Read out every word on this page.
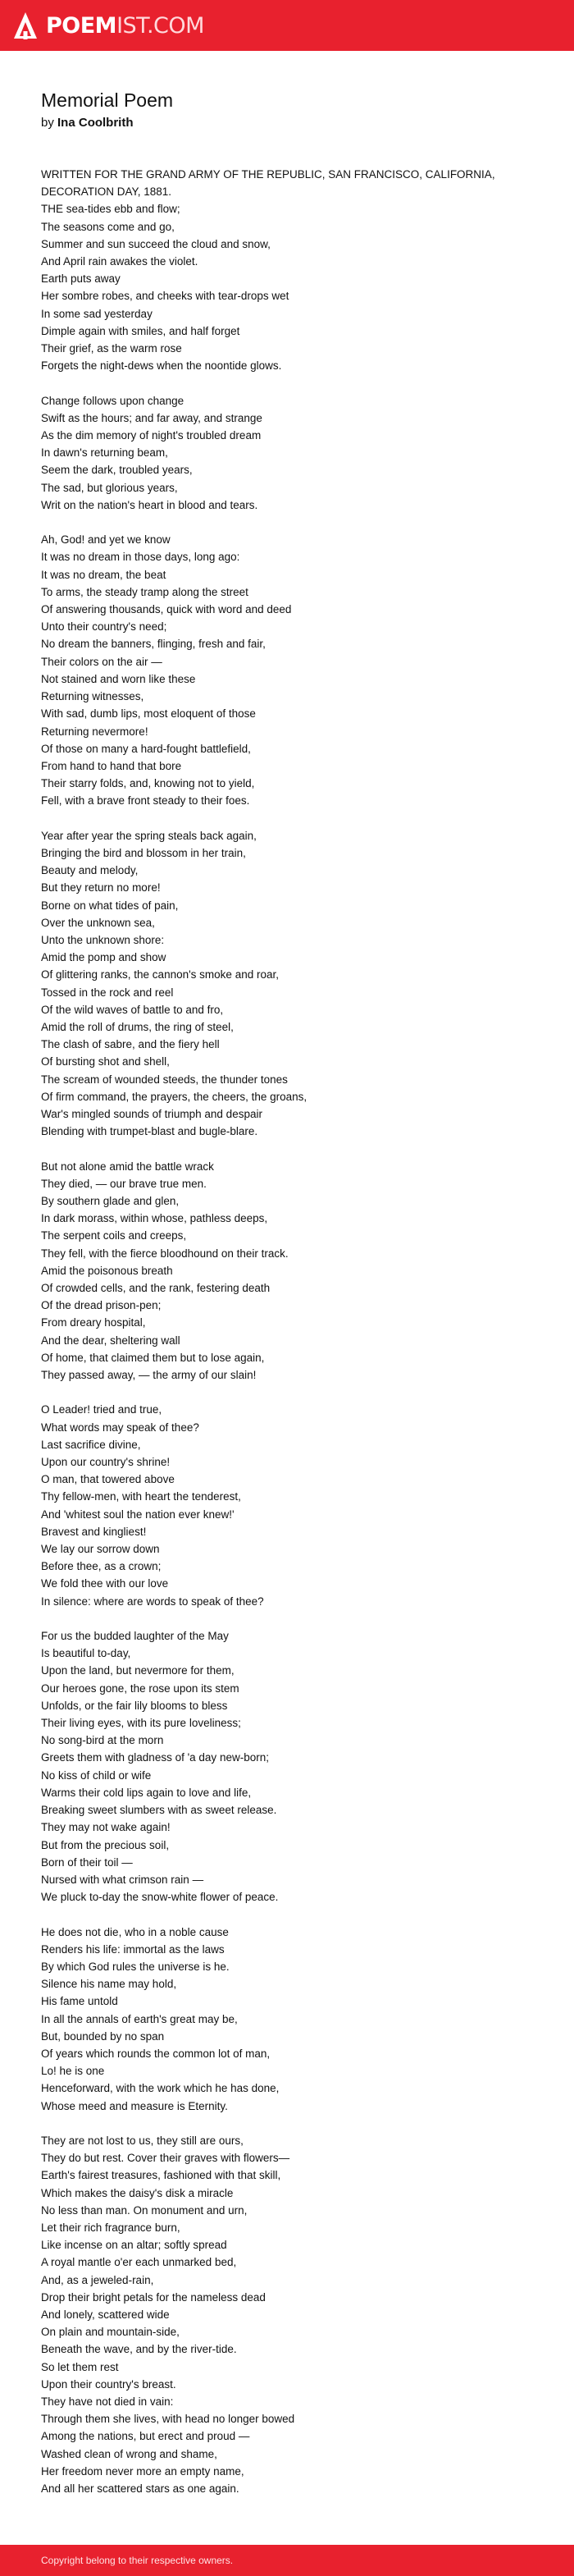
POEMIST.COM
Memorial Poem

by Ina Coolbrith

WRITTEN FOR THE GRAND ARMY OF THE REPUBLIC, SAN FRANCISCO, CALIFORNIA,
DECORATION DAY, 1881.
THE sea-tides ebb and flow;
The seasons come and go,
Summer and sun succeed the cloud and snow,
And April rain awakes the violet.
Earth puts away
Her sombre robes, and cheeks with tear-drops wet
In some sad yesterday
Dimple again with smiles, and half forget
Their grief, as the warm rose
Forgets the night-dews when the noontide glows.

Change follows upon change
Swift as the hours; and far away, and strange
As the dim memory of night's troubled dream
In dawn's returning beam,
Seem the dark, troubled years,
The sad, but glorious years,
Writ on the nation's heart in blood and tears.

Ah, God! and yet we know
It was no dream in those days, long ago:
It was no dream, the beat
To arms, the steady tramp along the street
Of answering thousands, quick with word and deed
Unto their country's need;
No dream the banners, flinging, fresh and fair,
Their colors on the air —
Not stained and worn like these
Returning witnesses,
With sad, dumb lips, most eloquent of those
Returning nevermore!
Of those on many a hard-fought battlefield,
From hand to hand that bore
Their starry folds, and, knowing not to yield,
Fell, with a brave front steady to their foes.

Year after year the spring steals back again,
Bringing the bird and blossom in her train,
Beauty and melody,
But they return no more!
Borne on what tides of pain,
Over the unknown sea,
Unto the unknown shore:
Amid the pomp and show
Of glittering ranks, the cannon's smoke and roar,
Tossed in the rock and reel
Of the wild waves of battle to and fro,
Amid the roll of drums, the ring of steel,
The clash of sabre, and the fiery hell
Of bursting shot and shell,
The scream of wounded steeds, the thunder tones
Of firm command, the prayers, the cheers, the groans,
War's mingled sounds of triumph and despair
Blending with trumpet-blast and bugle-blare.

But not alone amid the battle wrack
They died, — our brave true men.
By southern glade and glen,
In dark morass, within whose, pathless deeps,
The serpent coils and creeps,
They fell, with the fierce bloodhound on their track.
Amid the poisonous breath
Of crowded cells, and the rank, festering death
Of the dread prison-pen;
From dreary hospital,
And the dear, sheltering wall
Of home, that claimed them but to lose again,
They passed away, — the army of our slain!

O Leader! tried and true,
What words may speak of thee?
Last sacrifice divine,
Upon our country's shrine!
O man, that towered above
Thy fellow-men, with heart the tenderest,
And 'whitest soul the nation ever knew!'
Bravest and kingliest!
We lay our sorrow down
Before thee, as a crown;
We fold thee with our love
In silence: where are words to speak of thee?

For us the budded laughter of the May
Is beautiful to-day,
Upon the land, but nevermore for them,
Our heroes gone, the rose upon its stem
Unfolds, or the fair lily blooms to bless
Their living eyes, with its pure loveliness;
No song-bird at the morn
Greets them with gladness of 'a day new-born;
No kiss of child or wife
Warms their cold lips again to love and life,
Breaking sweet slumbers with as sweet release.
They may not wake again!
But from the precious soil,
Born of their toil —
Nursed with what crimson rain —
We pluck to-day the snow-white flower of peace.

He does not die, who in a noble cause
Renders his life: immortal as the laws
By which God rules the universe is he.
Silence his name may hold,
His fame untold
In all the annals of earth's great may be,
But, bounded by no span
Of years which rounds the common lot of man,
Lo! he is one
Henceforward, with the work which he has done,
Whose meed and measure is Eternity.

They are not lost to us, they still are ours,
They do but rest. Cover their graves with flowers—
Earth's fairest treasures, fashioned with that skill,
Which makes the daisy's disk a miracle
No less than man. On monument and urn,
Let their rich fragrance burn,
Like incense on an altar; softly spread
A royal mantle o'er each unmarked bed,
And, as a jeweled-rain,
Drop their bright petals for the nameless dead
And lonely, scattered wide
On plain and mountain-side,
Beneath the wave, and by the river-tide.
So let them rest
Upon their country's breast.
They have not died in vain:
Through them she lives, with head no longer bowed
Among the nations, but erect and proud —
Washed clean of wrong and shame,
Her freedom never more an empty name,
And all her scattered stars as one again.
Copyright belong to their respective owners.
